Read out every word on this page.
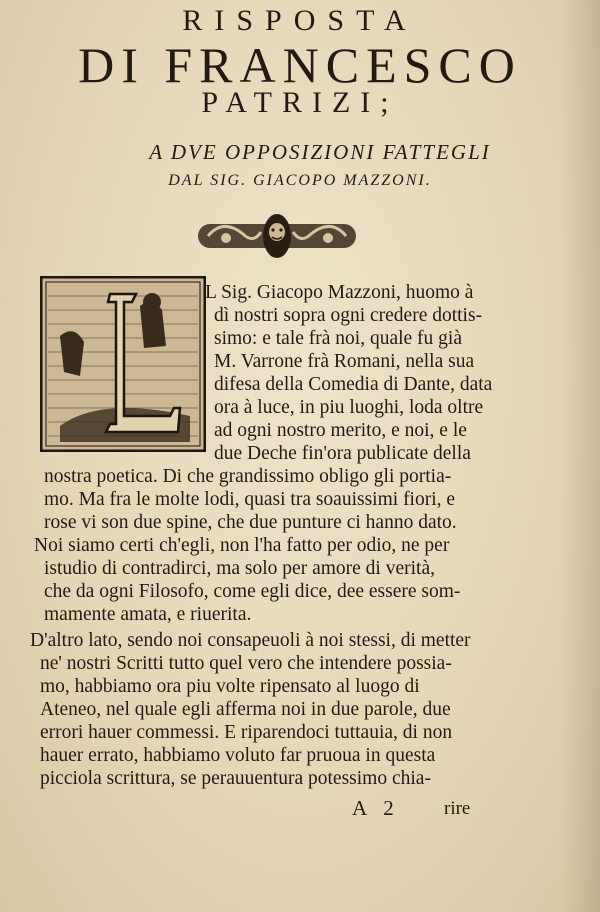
RISPOSTA
DI FRANCESCO
PATRIZI;
A DVE OPPOSIZIONI FATTEGLI
DAL SIG. GIACOPO MAZZONI.
L Sig. Giacopo Mazzoni, huomo à
dì nostri sopra ogni credere dottis-
simo: e tale frà noi, quale fu già
M. Varrone frà Romani, nella sua
difesa della Comedia di Dante, data
ora à luce, in piu luoghi, loda oltre
ad ogni nostro merito, e noi, e le
due Deche fin'ora publicate della
nostra poetica. Di che grandissimo obligo gli portia-
mo. Ma fra le molte lodi, quasi tra soauissimi fiori, e
rose vi son due spine, che due punture ci hanno dato.
Noi siamo certi ch'egli, non l'ha fatto per odio, ne per
istudio di contradirci, ma solo per amore di verità,
che da ogni Filosofo, come egli dice, dee essere som-
mamente amata, e riuerita.
D'altro lato, sendo noi consapeuoli à noi stessi, di metter
ne' nostri Scritti tutto quel vero che intendere possia-
mo, habbiamo ora piu volte ripensato al luogo di
Ateneo, nel quale egli afferma noi in due parole, due
errori hauer commessi. E riparendoci tuttauia, di non
hauer errato, habbiamo voluto far pruoua in questa
picciola scrittura, se perauuentura potessimo chia-
A 2 rire
